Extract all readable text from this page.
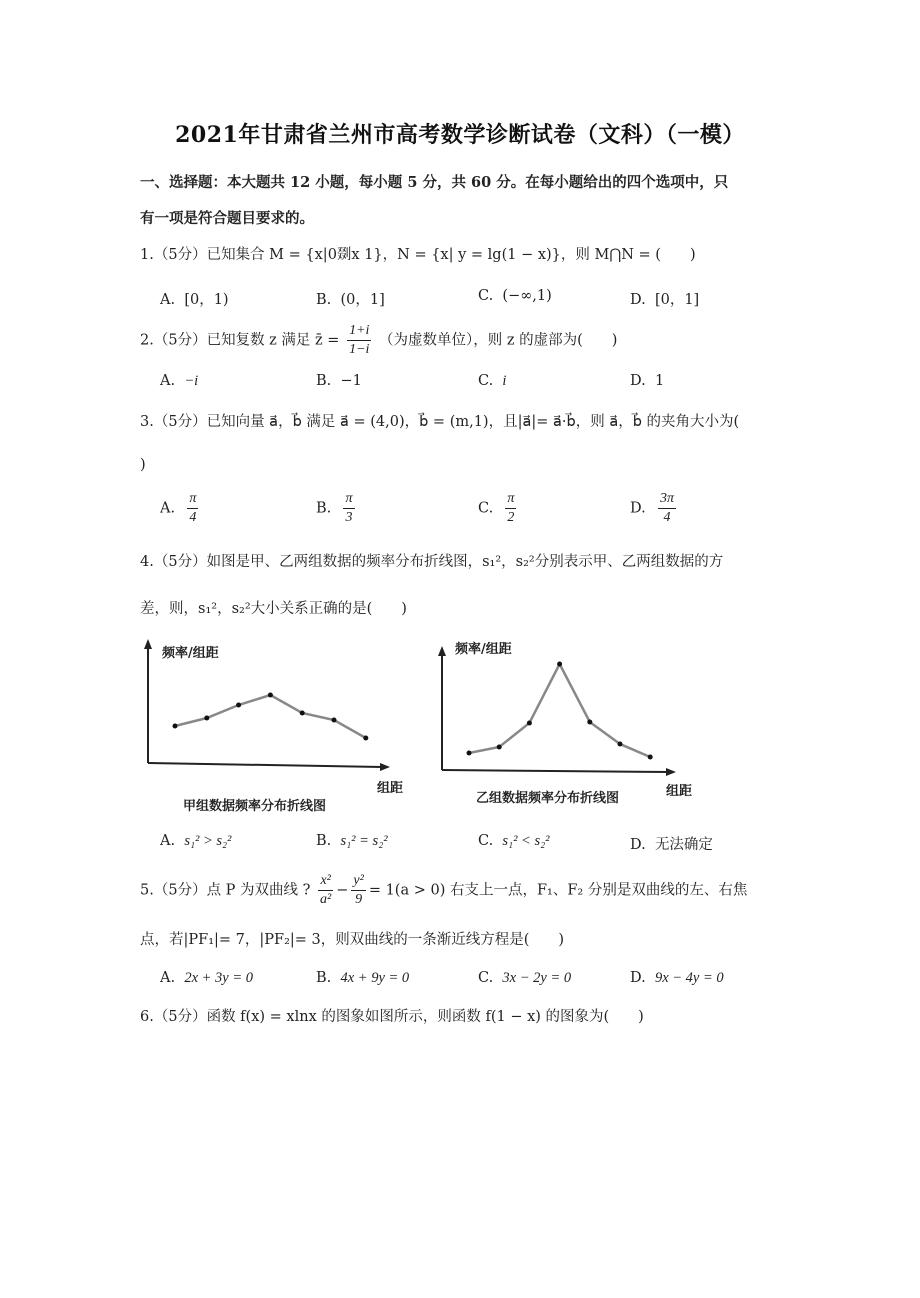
2021年甘肃省兰州市高考数学诊断试卷（文科）（一模）
一、选择题：本大题共 12 小题，每小题 5 分，共 60 分。在每小题给出的四个选项中，只
有一项是符合题目要求的。
1.（5分）已知集合 M = {x|0剟x 1}，N = {x| y = lg(1 − x)}，则 M⋂N = (　　)
A. [0，1)	B. (0，1]	C. (−∞,1)	D. [0，1]
2.（5分）已知复数 z 满足 z̄ = $\frac{1+i}{1-i}$ （为虚数单位），则 z 的虚部为(　　)
A. −i	B. −1	C. i	D. 1
3.（5分）已知向量 a⃗，b⃗ 满足 a⃗ = (4,0)，b⃗ = (m,1)，且|a⃗|= a⃗·b⃗，则 a⃗，b⃗ 的夹角大小为(
)
A. $\frac{\pi}{4}$	B. $\frac{\pi}{3}$	C. $\frac{\pi}{2}$	D. $\frac{3\pi}{4}$
4.（5分）如图是甲、乙两组数据的频率分布折线图，s₁²，s₂²分别表示甲、乙两组数据的方
差，则，s₁²，s₂²大小关系正确的是(　　)
频率/组距
组距
甲组数据频率分布折线图
频率/组距
组距
乙组数据频率分布折线图
A. s₁² > s₂²	B. s₁² = s₂²	C. s₁² < s₂²	D. 无法确定
5.（5分）点 P 为双曲线 ? $\frac{\text{x²}}{\text{a²}} - \frac{\text{y²}}{9} = 1(a > 0)$ 右支上一点，F₁、F₂ 分别是双曲线的左、右焦
点，若|PF₁|= 7，|PF₂|= 3，则双曲线的一条渐近线方程是(　　)
A. 2x + 3y = 0	B. 4x + 9y = 0	C. 3x − 2y = 0	D. 9x − 4y = 0
6.（5分）函数 f(x) = xlnx 的图象如图所示，则函数 f(1 − x) 的图象为(　　)
